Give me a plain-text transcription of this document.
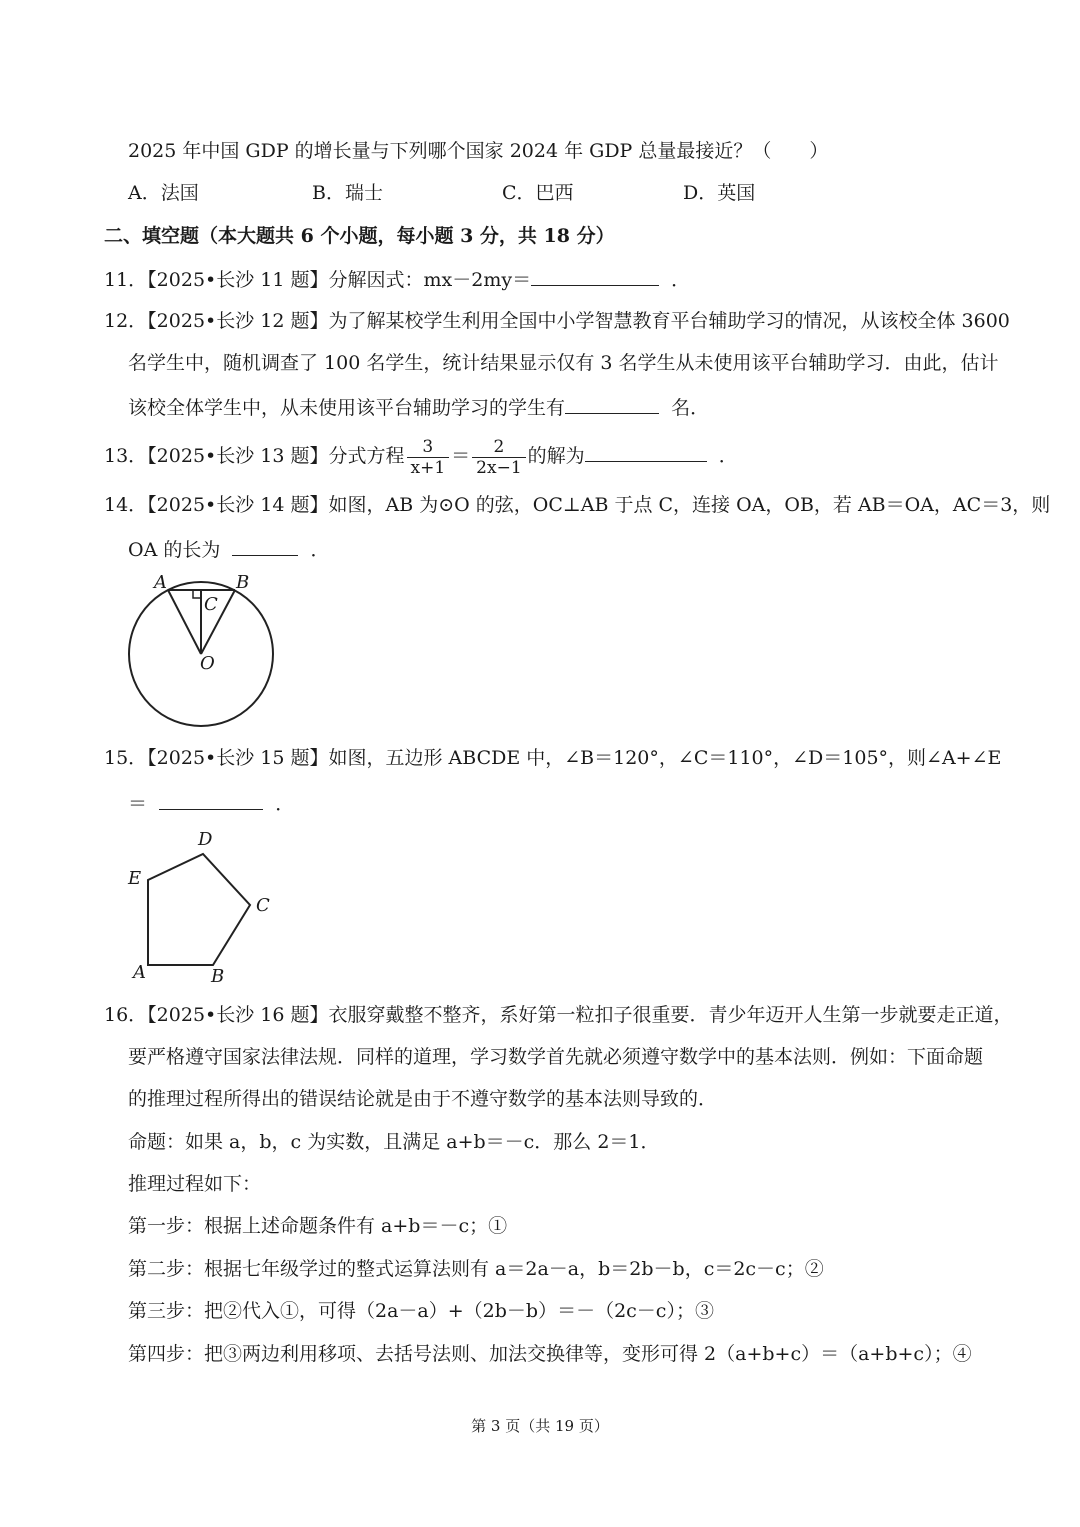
2025 年中国 GDP 的增长量与下列哪个国家 2024 年 GDP 总量最接近？（　　）
A．法国	B．瑞士	C．巴西	D．英国
二、填空题（本大题共 6 个小题，每小题 3 分，共 18 分）
11．【2025•长沙 11 题】分解因式：mx－2my＝	．
12．【2025•长沙 12 题】为了解某校学生利用全国中小学智慧教育平台辅助学习的情况，从该校全体 3600
名学生中，随机调查了 100 名学生，统计结果显示仅有 3 名学生从未使用该平台辅助学习．由此，估计
该校全体学生中，从未使用该平台辅助学习的学生有	名．
13．【2025•长沙 13 题】分式方程 $\frac{3}{x+1} = \frac{2}{2x-1}$ 的解为	．
14．【2025•长沙 14 题】如图，AB 为⊙O 的弦，OC⊥AB 于点 C，连接 OA，OB，若 AB＝OA，AC＝3，则
OA 的长为	．
A	B
C
O
15．【2025•长沙 15 题】如图，五边形 ABCDE 中，∠B＝120°，∠C＝110°，∠D＝105°，则∠A+∠E
＝	．
A	B
C
D
E
16．【2025•长沙 16 题】衣服穿戴整不整齐，系好第一粒扣子很重要．青少年迈开人生第一步就要走正道，
要严格遵守国家法律法规．同样的道理，学习数学首先就必须遵守数学中的基本法则．例如：下面命题
的推理过程所得出的错误结论就是由于不遵守数学的基本法则导致的．
命题：如果 a，b，c 为实数，且满足 a+b＝－c．那么 2＝1．
推理过程如下：
第一步：根据上述命题条件有 a+b＝－c；①
第二步：根据七年级学过的整式运算法则有 a＝2a－a，b＝2b－b，c＝2c－c；②
第三步：把②代入①，可得（2a－a）+（2b－b）＝－（2c－c）；③
第四步：把③两边利用移项、去括号法则、加法交换律等，变形可得 2（a+b+c）＝（a+b+c）；④
第 3 页（共 19 页）
